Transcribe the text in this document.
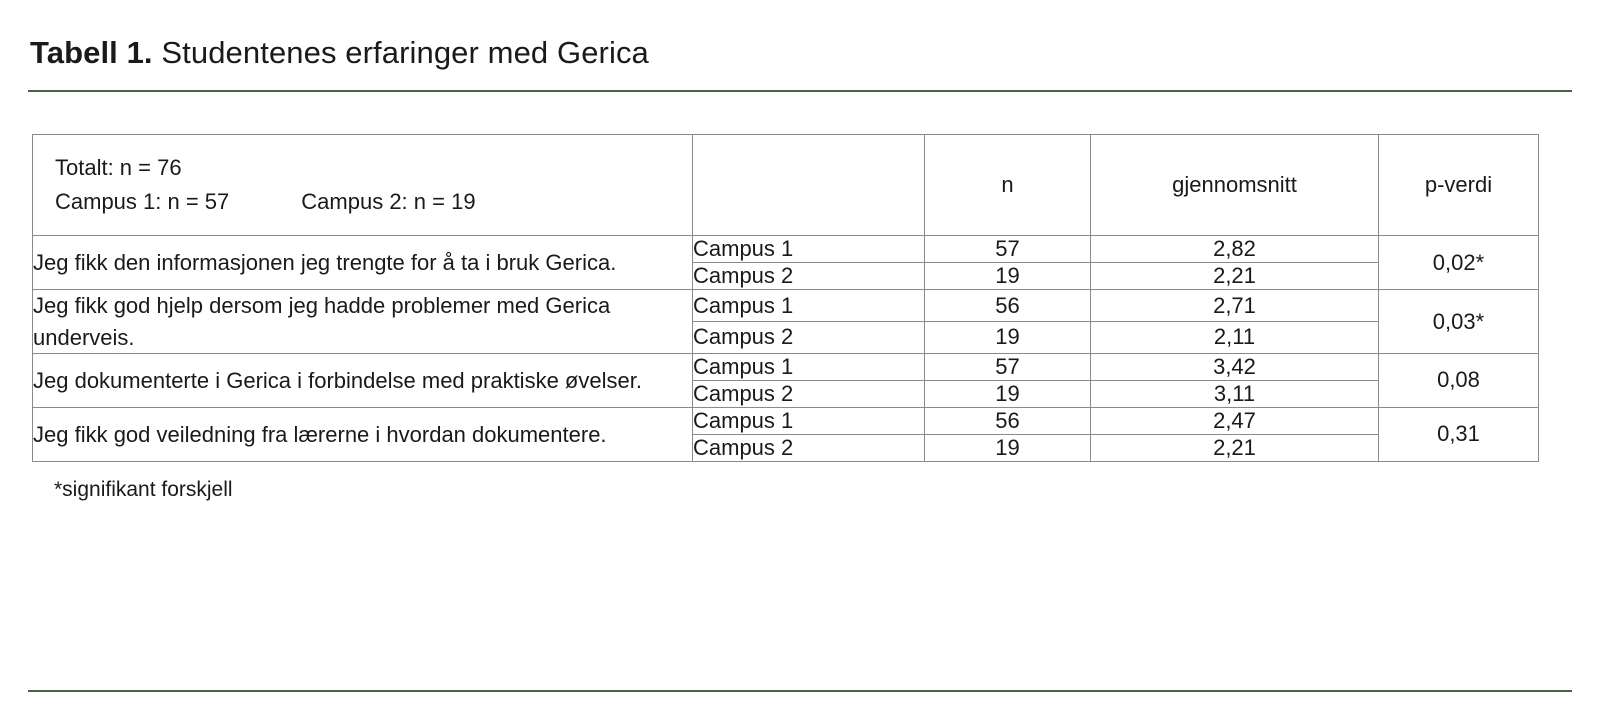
Tabell 1. Studentenes erfaringer med Gerica
Totalt: n = 76
Campus 1: n = 57 Campus 2: n = 19		n	gjennomsnitt	p-verdi
Jeg fikk den informasjonen jeg trengte for å ta i bruk Gerica.	Campus 1	57	2,82	0,02*
	Campus 2	19	2,21	
Jeg fikk god hjelp dersom jeg hadde problemer med Gerica underveis.	Campus 1	56	2,71	0,03*
	Campus 2	19	2,11	
Jeg dokumenterte i Gerica i forbindelse med praktiske øvelser.	Campus 1	57	3,42	0,08
	Campus 2	19	3,11	
Jeg fikk god veiledning fra lærerne i hvordan dokumentere.	Campus 1	56	2,47	0,31
	Campus 2	19	2,21	
*signifikant forskjell
